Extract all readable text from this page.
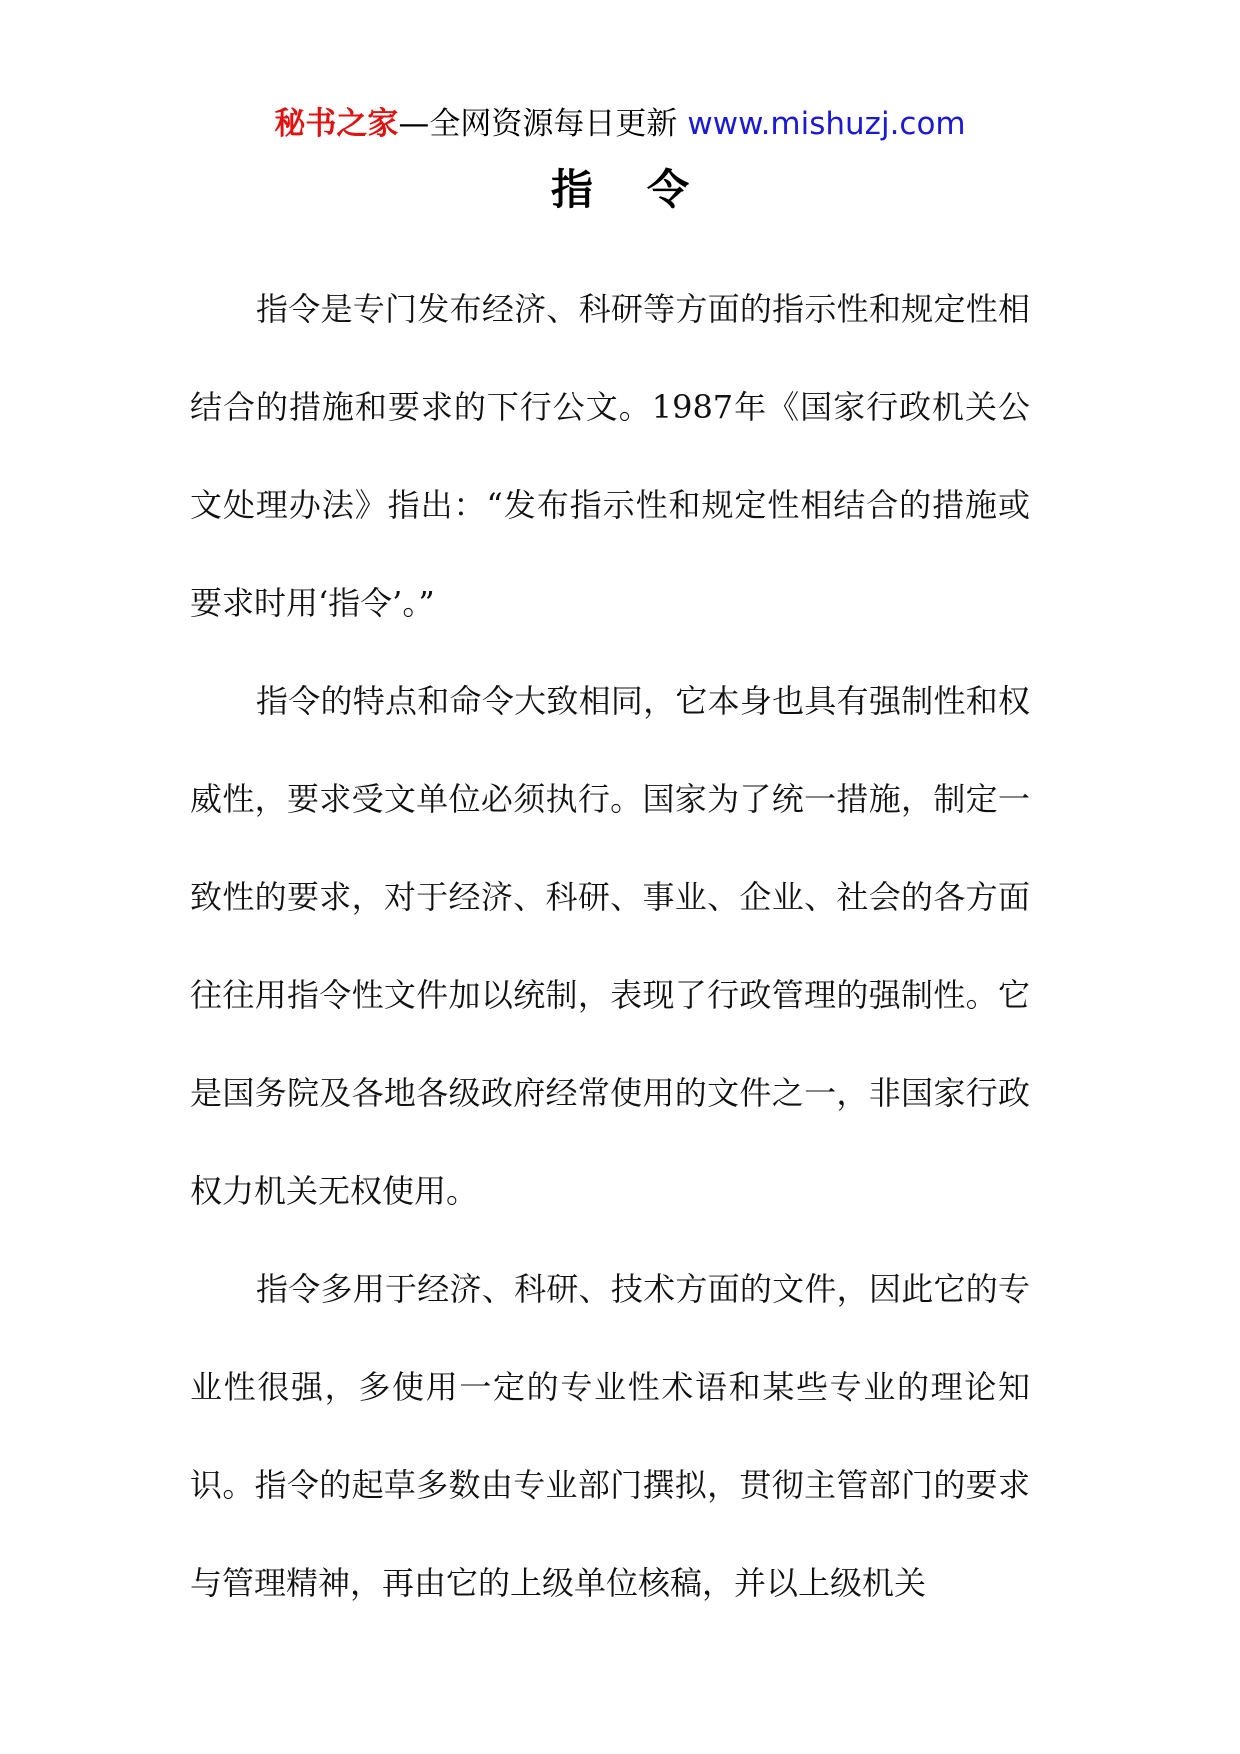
秘书之家—全网资源每日更新 www.mishuzj.com
指令

指令是专门发布经济、科研等方面的指示性和规定性相结合的措施和要求的下行公文。1987年《国家行政机关公文处理办法》指出：“发布指示性和规定性相结合的措施或要求时用‘指令’。”

指令的特点和命令大致相同，它本身也具有强制性和权威性，要求受文单位必须执行。国家为了统一措施，制定一致性的要求，对于经济、科研、事业、企业、社会的各方面往往用指令性文件加以统制，表现了行政管理的强制性。它是国务院及各地各级政府经常使用的文件之一，非国家行政权力机关无权使用。

指令多用于经济、科研、技术方面的文件，因此它的专业性很强，多使用一定的专业性术语和某些专业的理论知识。指令的起草多数由专业部门撰拟，贯彻主管部门的要求与管理精神，再由它的上级单位核稿，并以上级机关
